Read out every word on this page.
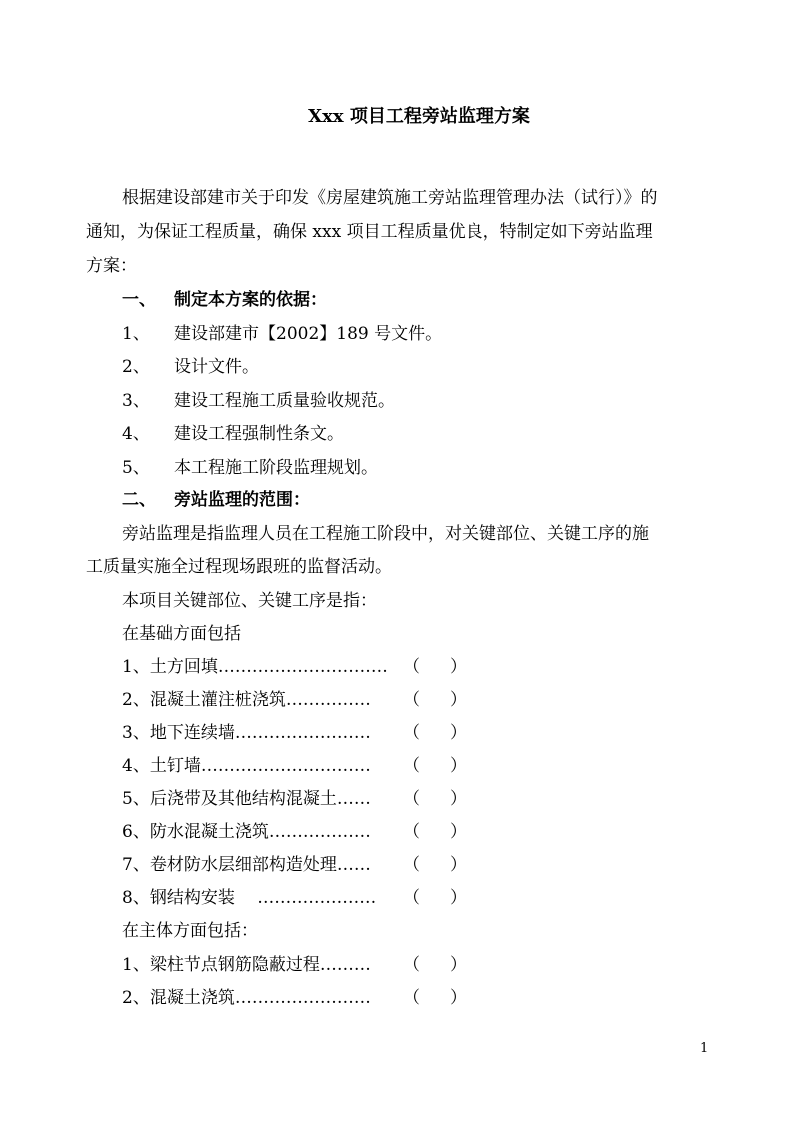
Xxx 项目工程旁站监理方案
根据建设部建市关于印发《房屋建筑施工旁站监理管理办法（试行）》的
通知，为保证工程质量，确保 xxx 项目工程质量优良，特制定如下旁站监理
方案：
一、 制定本方案的依据：
1、 建设部建市【2002】189 号文件。
2、 设计文件。
3、 建设工程施工质量验收规范。
4、 建设工程强制性条文。
5、 本工程施工阶段监理规划。
二、 旁站监理的范围：
旁站监理是指监理人员在工程施工阶段中，对关键部位、关键工序的施
工质量实施全过程现场跟班的监督活动。
本项目关键部位、关键工序是指：
在基础方面包括
1、土方回填………………………… （ ）
2、混凝土灌注桩浇筑…………… （ ）
3、地下连续墙…………………… （ ）
4、土钉墙………………………… （ ）
5、后浇带及其他结构混凝土…… （ ）
6、防水混凝土浇筑……………… （ ）
7、卷材防水层细部构造处理…… （ ）
8、钢结构安装　 ………………… （ ）
在主体方面包括：
1、梁柱节点钢筋隐蔽过程……… （ ）
2、混凝土浇筑…………………… （ ）
1
